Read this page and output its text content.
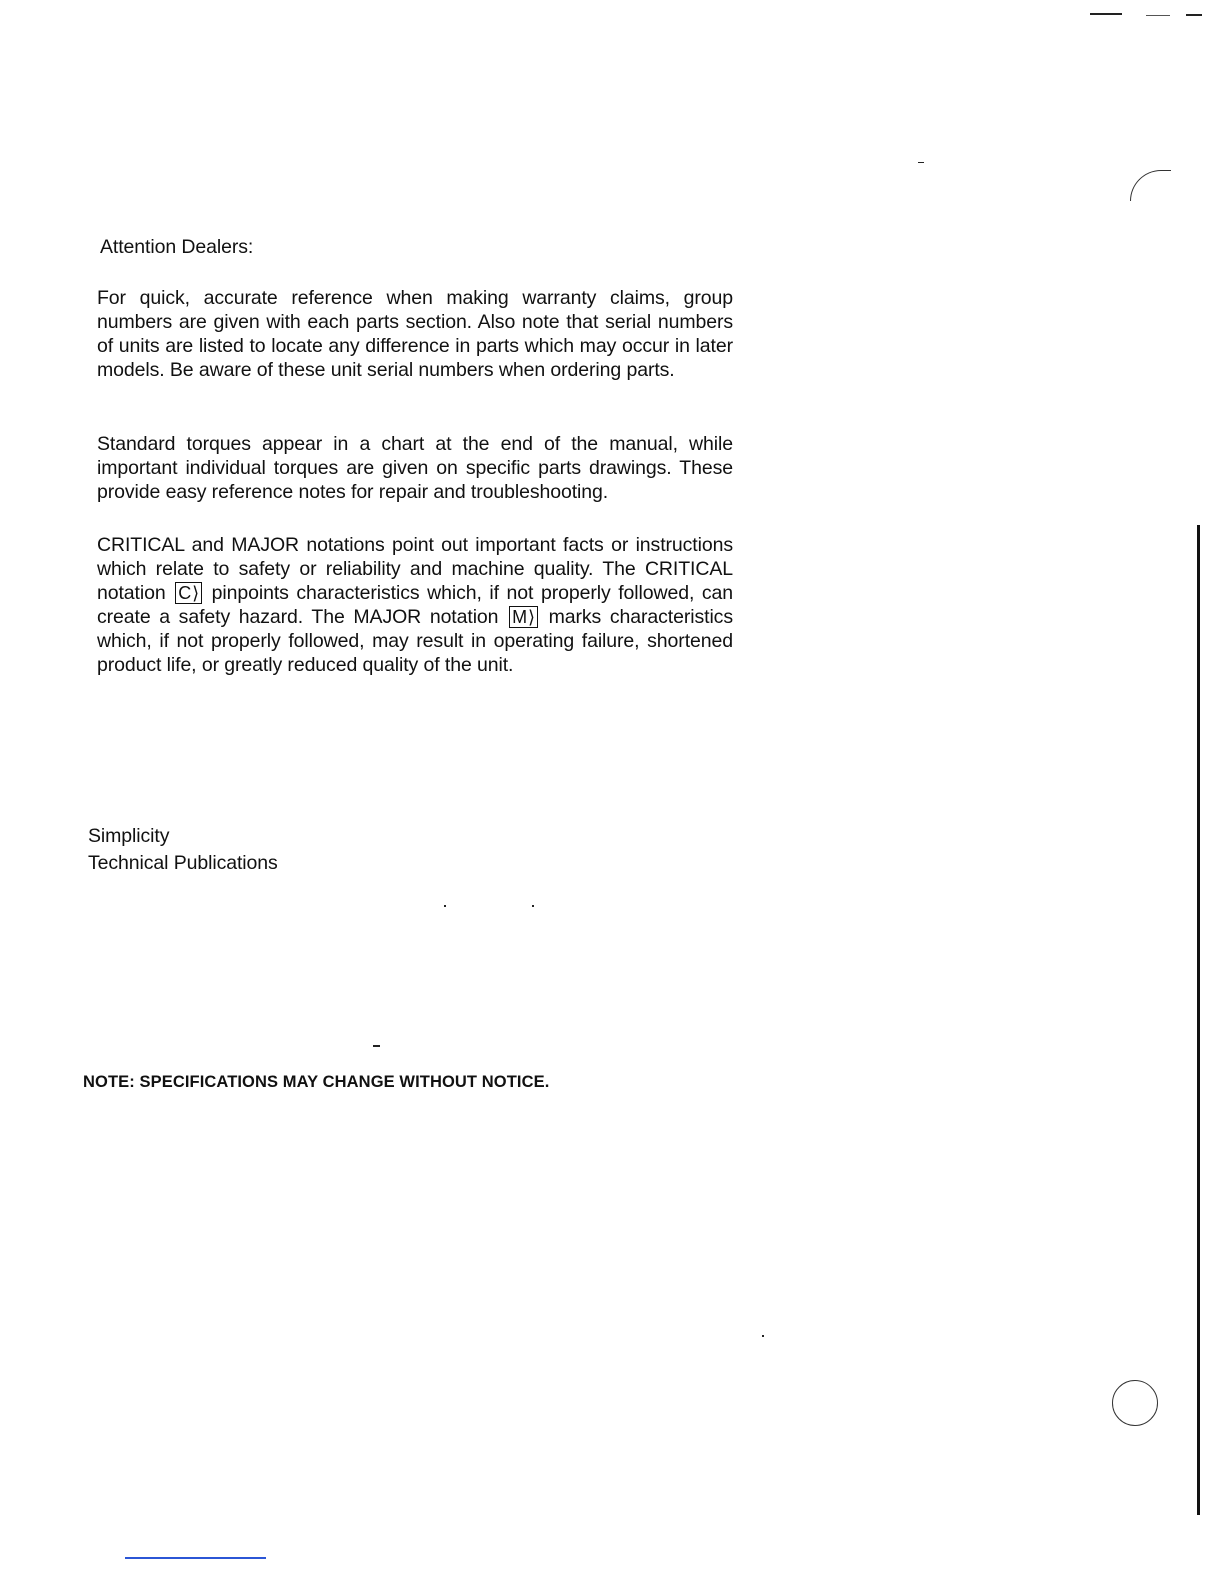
Attention Dealers:

For quick, accurate reference when making warranty claims, group numbers are given with each parts section. Also note that serial numbers of units are listed to locate any difference in parts which may occur in later models. Be aware of these unit serial numbers when ordering parts.

Standard torques appear in a chart at the end of the manual, while important individual torques are given on specific parts drawings. These provide easy reference notes for repair and troubleshooting.

CRITICAL and MAJOR notations point out important facts or instructions which relate to safety or reliability and machine quality. The CRITICAL notation C⟩ pinpoints characteristics which, if not properly followed, can create a safety hazard. The MAJOR notation M⟩ marks characteristics which, if not properly followed, may result in operating failure, shortened product life, or greatly reduced quality of the unit.

Simplicity
Technical Publications
NOTE: SPECIFICATIONS MAY CHANGE WITHOUT NOTICE.
